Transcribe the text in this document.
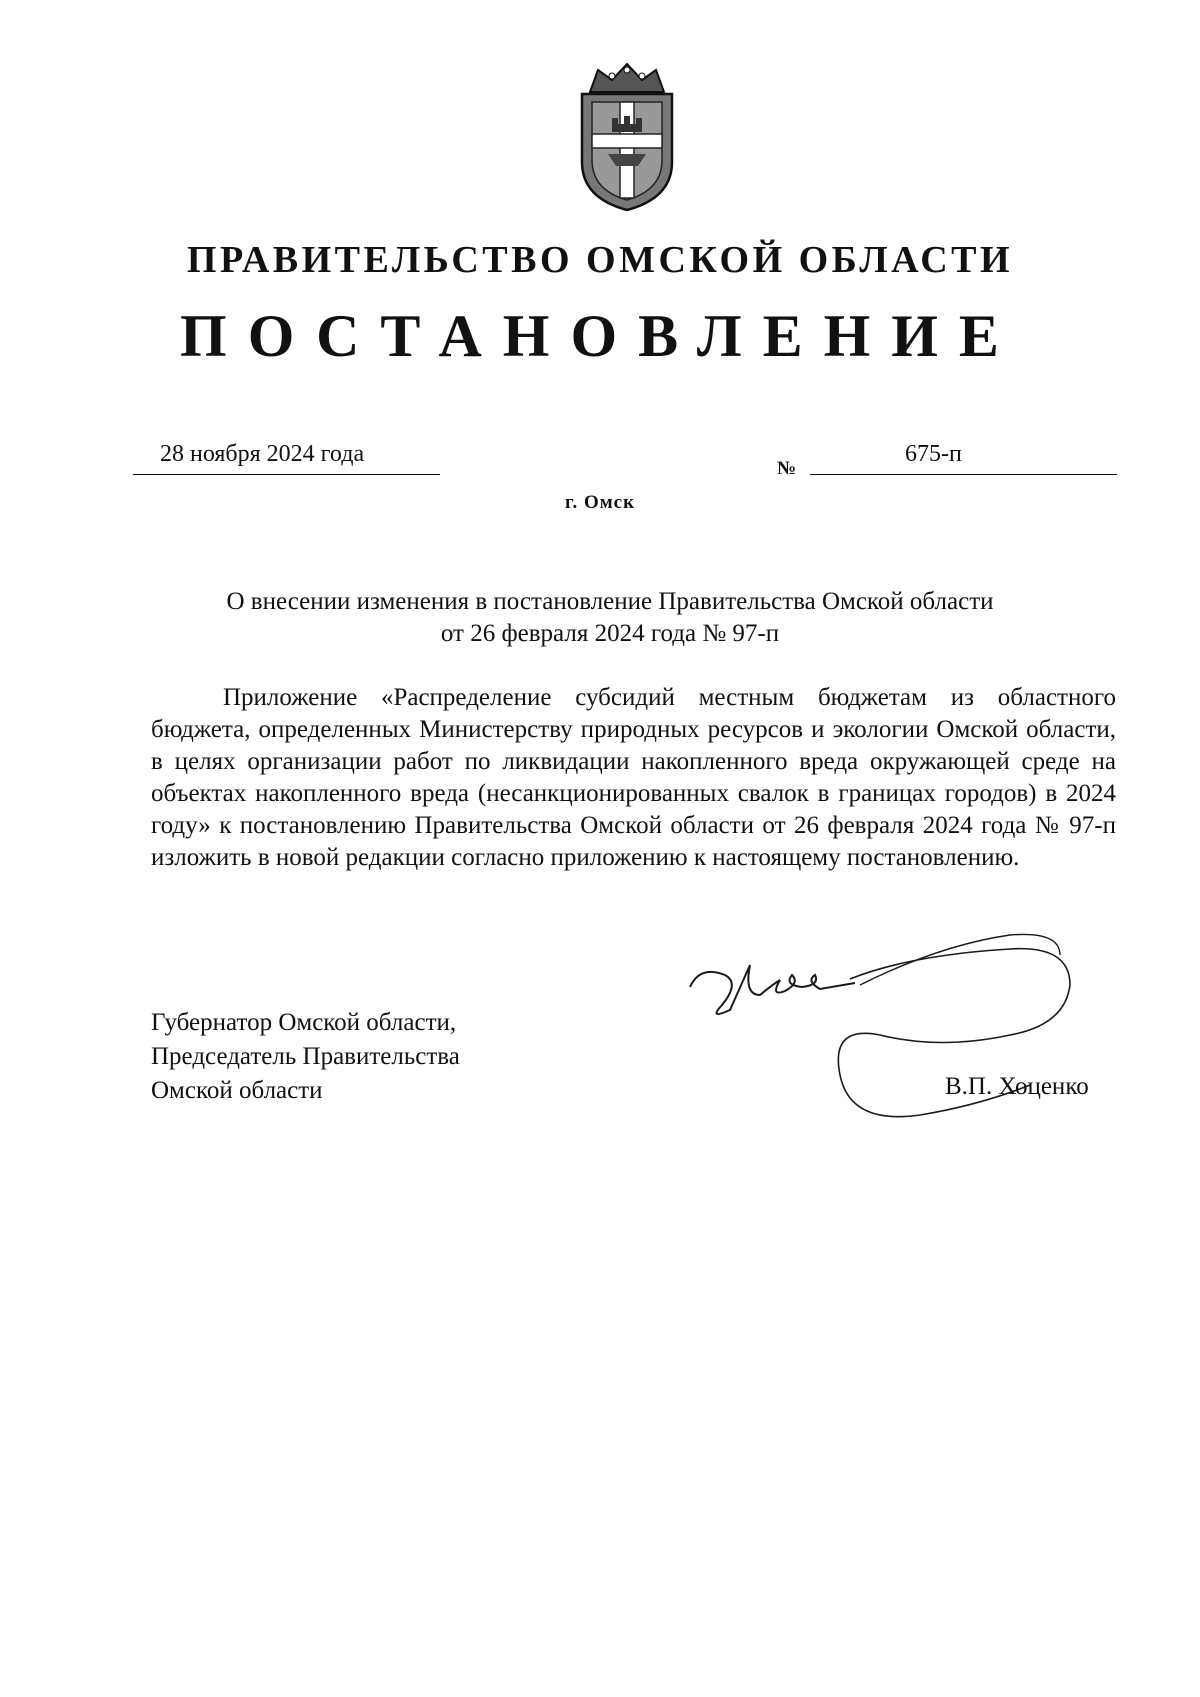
ПРАВИТЕЛЬСТВО ОМСКОЙ ОБЛАСТИ
ПОСТАНОВЛЕНИЕ
28 ноября 2024 года
№
675-п
г. Омск
О внесении изменения в постановление Правительства Омской области
от 26 февраля 2024 года № 97-п
Приложение «Распределение субсидий местным бюджетам из областного бюджета, определенных Министерству природных ресурсов и экологии Омской области, в целях организации работ по ликвидации накопленного вреда окружающей среде на объектах накопленного вреда (несанкционированных свалок в границах городов) в 2024 году» к постановлению Правительства Омской области от 26 февраля 2024 года № 97-п изложить в новой редакции согласно приложению к настоящему постановлению.
Губернатор Омской области,
Председатель Правительства
Омской области	В.П. Хоценко
